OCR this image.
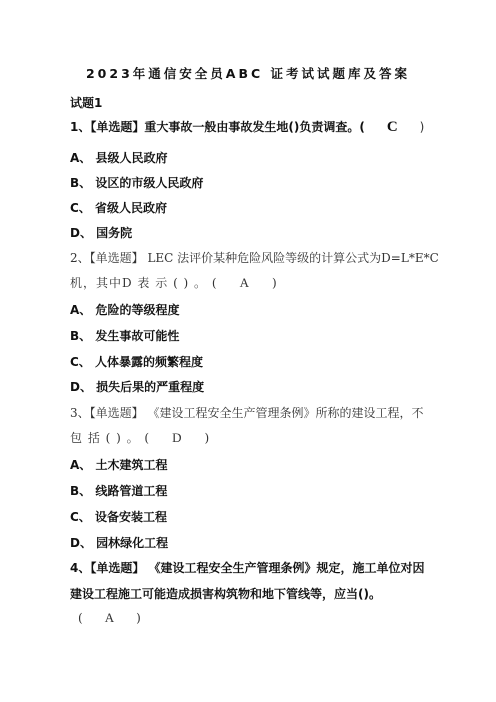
2023年通信安全员ABC 证考试试题库及答案
试题1
1、【单选题】重大事故一般由事故发生地()负责调查。( C )
A、 县级人民政府
B、 设区的市级人民政府
C、 省级人民政府
D、 国务院
2、【单选题】 LEC 法评价某种危险风险等级的计算公式为D=L*E*C
机，其中D 表 示 ( ) 。 ( A )
A、 危险的等级程度
B、 发生事故可能性
C、 人体暴露的频繁程度
D、 损失后果的严重程度
3、【单选题】 《建设工程安全生产管理条例》所称的建设工程，不
包 括 ( ) 。 ( D )
A、 土木建筑工程
B、 线路管道工程
C、 设备安装工程
D、 园林绿化工程
4、【单选题】 《建设工程安全生产管理条例》规定，施工单位对因
建设工程施工可能造成损害构筑物和地下管线等，应当()。
( A )
